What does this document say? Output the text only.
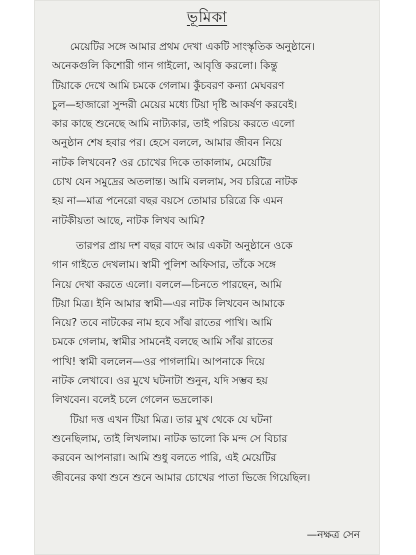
ভূমিকা
মেয়েটির সঙ্গে আমার প্রথম দেখা একটি সাংস্কৃতিক অনুষ্ঠানে।
অনেকগুলি কিশোরী গান গাইলো, আবৃত্তি করলো। কিন্তু
টিয়াকে দেখে আমি চমকে গেলাম। কুঁচবরণ কন্যা মেঘবরণ
চুল—হাজারো সুন্দরী মেয়ের মধ্যে টিয়া দৃষ্টি আকর্ষণ করবেই।
কার কাছে শুনেছে আমি নাট্যকার, তাই পরিচয় করতে এলো
অনুষ্ঠান শেষ হবার পর। হেসে বললে, আমার জীবন নিয়ে
নাটক লিখবেন? ওর চোখের দিকে তাকালাম, মেয়েটির
চোখ যেন সমুদ্রের অতলান্ত। আমি বললাম, সব চরিত্রে নাটক
হয় না—মাত্র পনেরো বছর বয়সে তোমার চরিত্রে কি এমন
নাটকীয়তা আছে, নাটক লিখব আমি?
তারপর প্রায় দশ বছর বাদে আর একটা অনুষ্ঠানে ওকে
গান গাইতে দেখলাম। স্বামী পুলিশ অফিসার, তাঁকে সঙ্গে
নিয়ে দেখা করতে এলো। বললে—চিনতে পারছেন, আমি
টিয়া মিত্র। ইনি আমার স্বামী—এর নাটক লিখবেন আমাকে
নিয়ে? তবে নাটকের নাম হবে সাঁঝ রাতের পাখি। আমি
চমকে গেলাম, স্বামীর সামনেই বলছে আমি সাঁঝ রাতের
পাখি! স্বামী বললেন—ওর পাগলামি। আপনাকে দিয়ে
নাটক লেখাবে। ওর মুখে ঘটনাটা শুনুন, যদি সম্ভব হয়
লিখবেন। বলেই চলে গেলেন ভদ্রলোক।
টিয়া দত্ত এখন টিয়া মিত্র। তার মুখ থেকে যে ঘটনা
শুনেছিলাম, তাই লিখলাম। নাটক ভালো কি মন্দ সে বিচার
করবেন আপনারা। আমি শুধু বলতে পারি, এই মেয়েটির
জীবনের কথা শুনে শুনে আমার চোখের পাতা ভিজে গিয়েছিল।
—নক্ষত্র সেন
